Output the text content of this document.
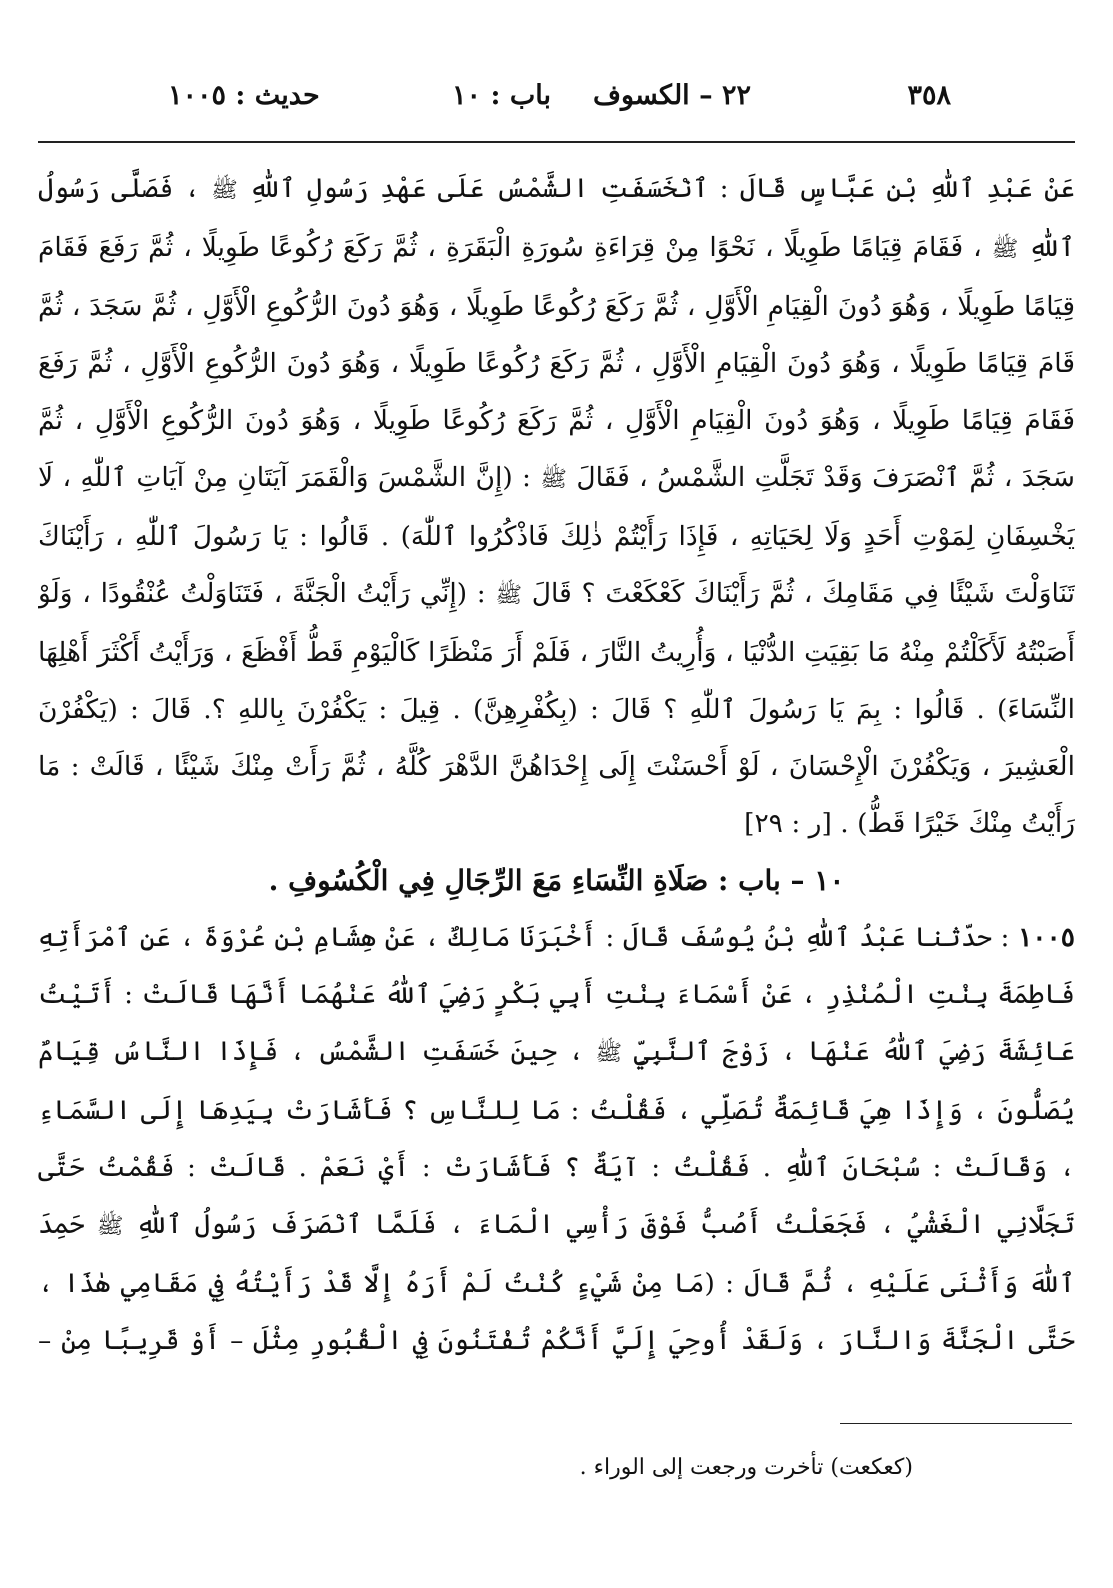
٣٥٨
٢٢ – الكسوف
باب : ١٠
حديث : ١٠٠٥

عَنْ عَبْدِ ٱللّٰهِ بْنِ عَبَّاسٍ قَالَ : ٱنْخَسَفَتِ الشَّمْسُ عَلَى عَهْدِ رَسُولِ ٱللّٰهِ ﷺ ، فَصَلَّى رَسُولُ ٱللّٰهِ ﷺ ، فَقَامَ قِيَامًا طَوِيلًا ، نَحْوًا مِنْ قِرَاءَةِ سُورَةِ الْبَقَرَةِ ، ثُمَّ رَكَعَ رُكُوعًا طَوِيلًا ، ثُمَّ رَفَعَ فَقَامَ قِيَامًا طَوِيلًا ، وَهُوَ دُونَ الْقِيَامِ الْأَوَّلِ ، ثُمَّ رَكَعَ رُكُوعًا طَوِيلًا ، وَهُوَ دُونَ الرُّكُوعِ الْأَوَّلِ ، ثُمَّ سَجَدَ ، ثُمَّ قَامَ قِيَامًا طَوِيلًا ، وَهُوَ دُونَ الْقِيَامِ الْأَوَّلِ ، ثُمَّ رَكَعَ رُكُوعًا طَوِيلًا ، وَهُوَ دُونَ الرُّكُوعِ الْأَوَّلِ ، ثُمَّ رَفَعَ فَقَامَ قِيَامًا طَوِيلًا ، وَهُوَ دُونَ الْقِيَامِ الْأَوَّلِ ، ثُمَّ رَكَعَ رُكُوعًا طَوِيلًا ، وَهُوَ دُونَ الرُّكُوعِ الْأَوَّلِ ، ثُمَّ سَجَدَ ، ثُمَّ ٱنْصَرَفَ وَقَدْ تَجَلَّتِ الشَّمْسُ ، فَقَالَ ﷺ : (إِنَّ الشَّمْسَ وَالْقَمَرَ آيَتَانِ مِنْ آيَاتِ ٱللّٰهِ ، لَا يَخْسِفَانِ لِمَوْتِ أَحَدٍ وَلَا لِحَيَاتِهِ ، فَإِذَا رَأَيْتُمْ ذٰلِكَ فَاذْكُرُوا ٱللّٰهَ) . قَالُوا : يَا رَسُولَ ٱللّٰهِ ، رَأَيْنَاكَ تَنَاوَلْتَ شَيْئًا فِي مَقَامِكَ ، ثُمَّ رَأَيْنَاكَ كَعْكَعْتَ ؟ قَالَ ﷺ : (إِنِّي رَأَيْتُ الْجَنَّةَ ، فَتَنَاوَلْتُ عُنْقُودًا ، وَلَوْ أَصَبْتُهُ لَأَكَلْتُمْ مِنْهُ مَا بَقِيَتِ الدُّنْيَا ، وَأُرِيتُ النَّارَ ، فَلَمْ أَرَ مَنْظَرًا كَالْيَوْمِ قَطُّ أَفْظَعَ ، وَرَأَيْتُ أَكْثَرَ أَهْلِهَا النِّسَاءَ) . قَالُوا : بِمَ يَا رَسُولَ ٱللّٰهِ ؟ قَالَ : (بِكُفْرِهِنَّ) . قِيلَ : يَكْفُرْنَ بِاللهِ ؟. قَالَ : (يَكْفُرْنَ الْعَشِيرَ ، وَيَكْفُرْنَ الْإِحْسَانَ ، لَوْ أَحْسَنْتَ إِلَى إِحْدَاهُنَّ الدَّهْرَ كُلَّهُ ، ثُمَّ رَأَتْ مِنْكَ شَيْئًا ، قَالَتْ : مَا رَأَيْتُ مِنْكَ خَيْرًا قَطُّ) . [ر : ٢٩]

١٠ – باب : صَلَاةِ النِّسَاءِ مَعَ الرِّجَالِ فِي الْكُسُوفِ .

١٠٠٥ : حدّثنا عَبْدُ ٱللّٰهِ بْنُ يُوسُفَ قَالَ : أَخْبَرَنَا مَالِكٌ ، عَنْ هِشَامِ بْنِ عُرْوَةَ ، عَنِ ٱمْرَأَتِهِ فَاطِمَةَ بِنْتِ الْمُنْذِرِ ، عَنْ أَسْمَاءَ بِنْتِ أَبِي بَكْرٍ رَضِيَ ٱللّٰهُ عَنْهُمَا أَنَّهَا قَالَتْ : أَتَيْتُ عَائِشَةَ رَضِيَ ٱللّٰهُ عَنْهَا ، زَوْجَ ٱلنَّبِيِّ ﷺ ، حِينَ خَسَفَتِ الشَّمْسُ ، فَإِذَا النَّاسُ قِيَامٌ يُصَلُّونَ ، وَإِذَا هِيَ قَائِمَةٌ تُصَلِّي ، فَقُلْتُ : مَا لِلنَّاسِ ؟ فَأَشَارَتْ بِيَدِهَا إِلَى السَّمَاءِ ، وَقَالَتْ : سُبْحَانَ ٱللّٰهِ . فَقُلْتُ : آيَةٌ ؟ فَأَشَارَتْ : أَيْ نَعَمْ . قَالَتْ : فَقُمْتُ حَتَّى تَجَلَّانِي الْغَشْيُ ، فَجَعَلْتُ أَصُبُّ فَوْقَ رَأْسِي الْمَاءَ ، فَلَمَّا ٱنْصَرَفَ رَسُولُ ٱللّٰهِ ﷺ حَمِدَ ٱللّٰهَ وَأَثْنَى عَلَيْهِ ، ثُمَّ قَالَ : (مَا مِنْ شَيْءٍ كُنْتُ لَمْ أَرَهُ إِلَّا قَدْ رَأَيْتُهُ فِي مَقَامِي هٰذَا ، حَتَّى الْجَنَّةَ وَالنَّارَ ، وَلَقَدْ أُوحِيَ إِلَيَّ أَنَّكُمْ تُفْتَنُونَ فِي الْقُبُورِ مِثْلَ – أَوْ قَرِيبًا مِنْ –

(كعكعت) تأخرت ورجعت إلى الوراء .
